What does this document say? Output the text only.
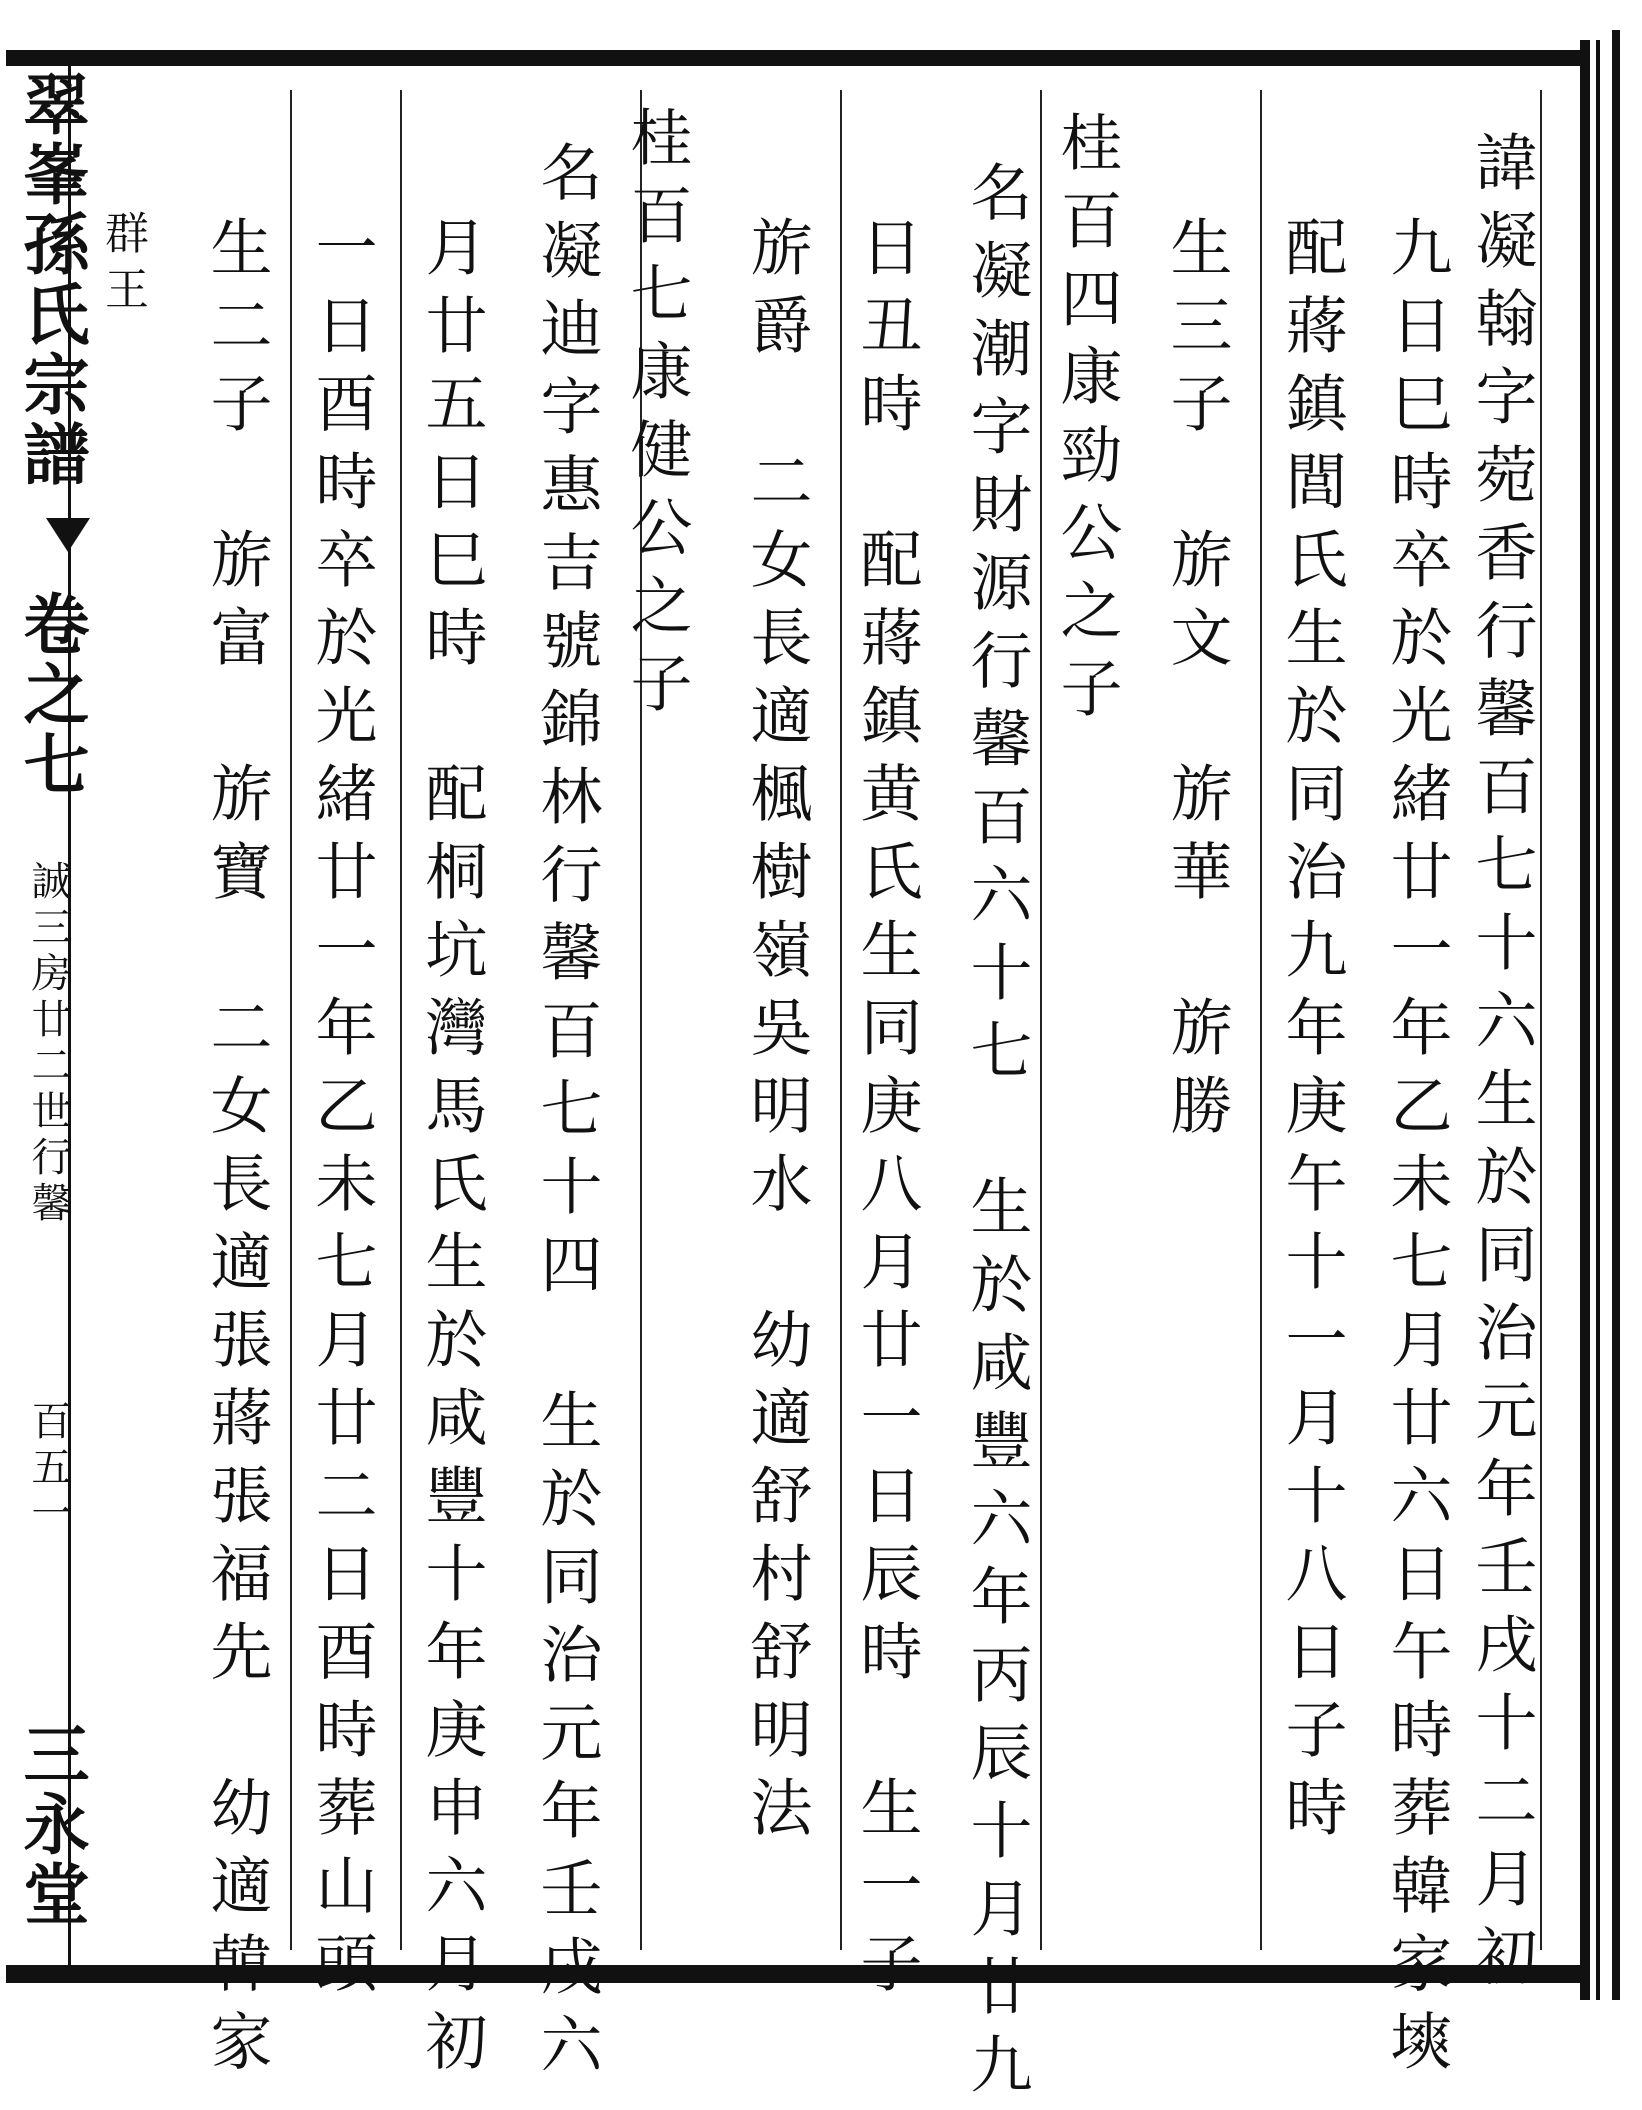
翠峯孫氏宗譜
卷之七
誠三房廿二世行馨
百五一
三永堂	諱凝翰字菀香行馨百七十六生於同治元年壬戌十二月初
九日巳時卒於光緒廿一年乙未七月廿六日午時葬韓家塽
配蔣鎮閭氏生於同治九年庚午十一月十八日子時
生三子　旂文　旂華　旂勝
桂百四康勁公之子
名凝潮字財源行馨百六十七　生於咸豐六年丙辰十月廿九
日丑時　配蔣鎮黄氏生同庚八月廿一日辰時　生一子
旂爵　二女長適楓樹嶺吳明水　幼適舒村舒明法
桂百七康健公之子
名凝迪字惠吉號錦林行馨百七十四　生於同治元年壬戌六
月廿五日巳時　配桐坑灣馬氏生於咸豐十年庚申六月初
一日酉時卒於光緒廿一年乙未七月廿二日酉時葬山頭
生二子　旂富　旂寶　二女長適張蔣張福先　幼適韓家
群王
